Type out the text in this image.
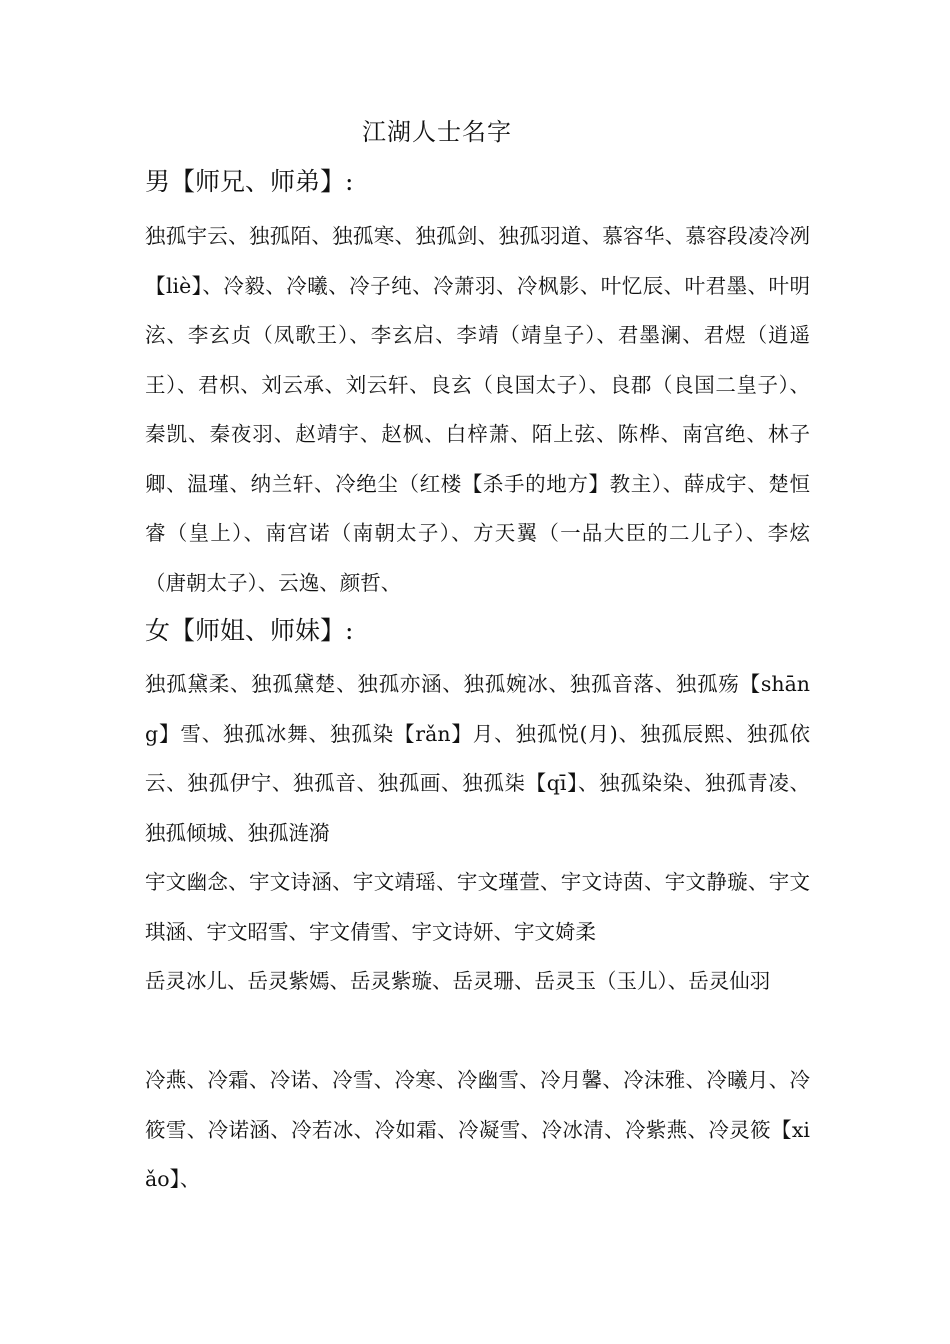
江湖人士名字
男【师兄、师弟】:

独孤宇云、独孤陌、独孤寒、独孤剑、独孤羽道、慕容华、慕容段凌冷冽【liè】、冷毅、冷曦、冷子纯、冷萧羽、冷枫影、叶忆辰、叶君墨、叶明泫、李玄贞（凤歌王）、李玄启、李靖（靖皇子）、君墨澜、君煜（逍遥王）、君枳、刘云承、刘云轩、良玄（良国太子）、良郡（良国二皇子）、秦凯、秦夜羽、赵靖宇、赵枫、白梓萧、陌上弦、陈桦、南宫绝、林子卿、温瑾、纳兰轩、冷绝尘（红楼【杀手的地方】教主）、薛成宇、楚恒睿（皇上）、南宫诺（南朝太子）、方天翼（一品大臣的二儿子）、李炫（唐朝太子）、云逸、颜哲、

女【师姐、师妹】:

独孤黛柔、独孤黛楚、独孤亦涵、独孤婉冰、独孤音落、独孤殇【shāng】雪、独孤冰舞、独孤染【rǎn】月、独孤悦(月)、独孤辰熙、独孤依云、独孤伊宁、独孤音、独孤画、独孤柒【qī】、独孤染染、独孤青凌、独孤倾城、独孤涟漪

宇文幽念、宇文诗涵、宇文靖瑶、宇文瑾萱、宇文诗茵、宇文静璇、宇文琪涵、宇文昭雪、宇文倩雪、宇文诗妍、宇文婍柔

岳灵冰儿、岳灵紫嫣、岳灵紫璇、岳灵珊、岳灵玉（玉儿）、岳灵仙羽

冷燕、冷霜、冷诺、冷雪、冷寒、冷幽雪、冷月馨、冷沫雅、冷曦月、冷筱雪、冷诺涵、冷若冰、冷如霜、冷凝雪、冷冰清、冷紫燕、冷灵筱【xiǎo】、
